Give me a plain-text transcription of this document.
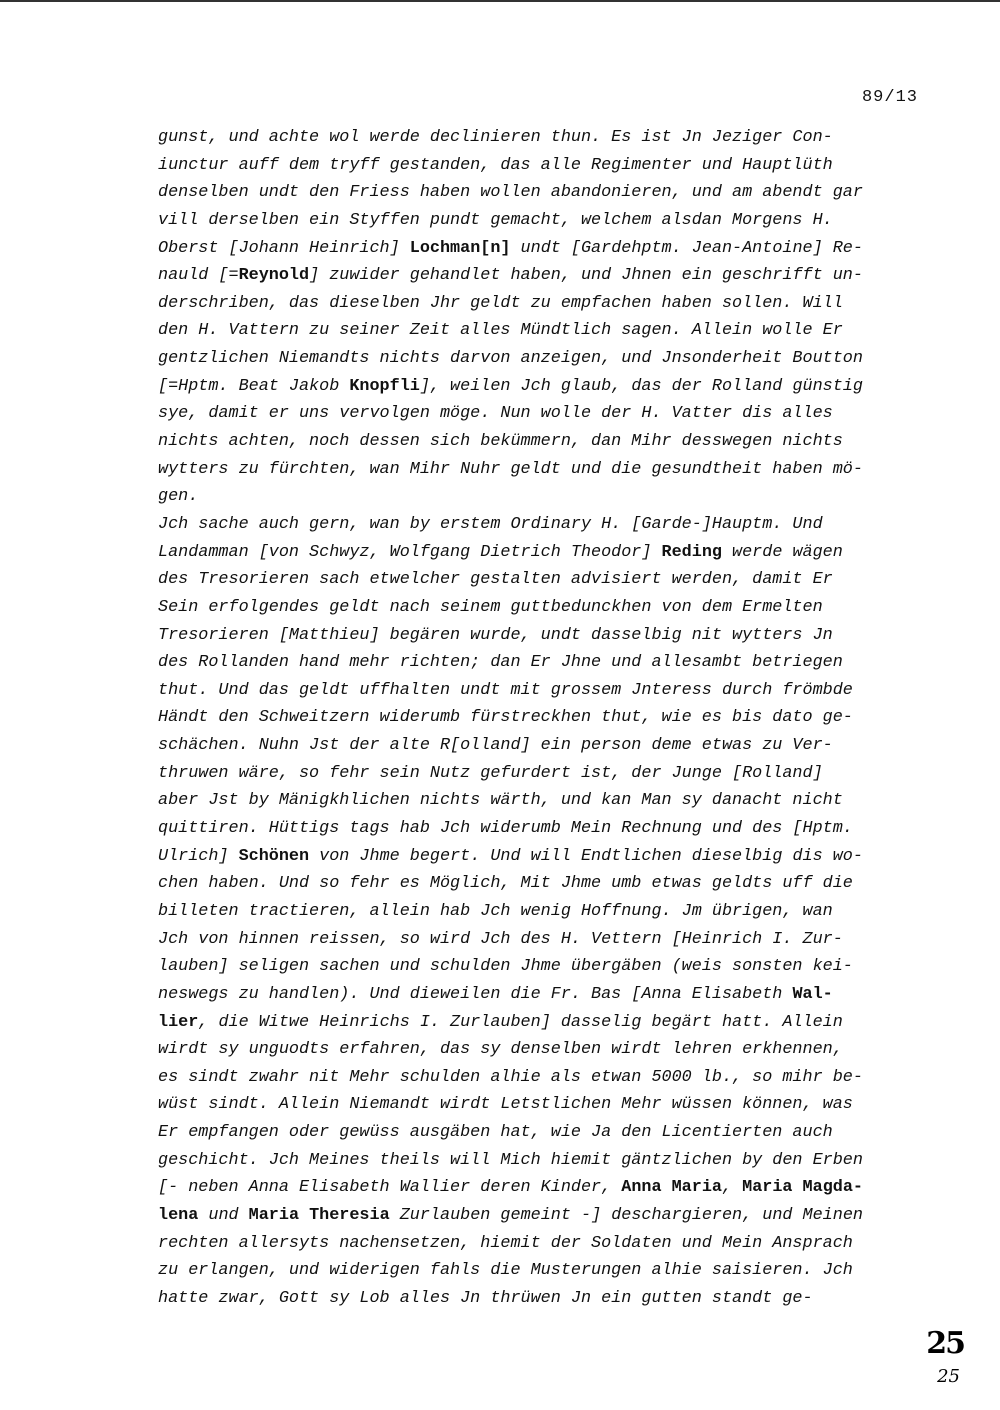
89/13
gunst, und achte wol werde declinieren thun. Es ist Jn Jeziger Con-
iunctur auff dem tryff gestanden, das alle Regimenter und Hauptlüth
denselben undt den Friess haben wollen abandonieren, und am abendt gar
vill derselben ein Styffen pundt gemacht, welchem alsdan Morgens H.
Oberst [Johann Heinrich] Lochman[n] undt [Gardehptm. Jean-Antoine] Re-
nauld [=Reynold] zuwider gehandlet haben, und Jhnen ein geschrifft un-
derschriben, das dieselben Jhr geldt zu empfachen haben sollen. Will
den H. Vattern zu seiner Zeit alles Mündtlich sagen. Allein wolle Er
gentzlichen Niemandts nichts darvon anzeigen, und Jnsonderheit Boutton
[=Hptm. Beat Jakob Knopfli], weilen Jch glaub, das der Rolland günstig
sye, damit er uns vervolgen möge. Nun wolle der H. Vatter dis alles
nichts achten, noch dessen sich bekümmern, dan Mihr desswegen nichts
wytters zu fürchten, wan Mihr Nuhr geldt und die gesundtheit haben mö-
gen.
Jch sache auch gern, wan by erstem Ordinary H. [Garde-]Hauptm. Und
Landamman [von Schwyz, Wolfgang Dietrich Theodor] Reding werde wägen
des Tresorieren sach etwelcher gestalten advisiert werden, damit Er
Sein erfolgendes geldt nach seinem guttbedunckhen von dem Ermelten
Tresorieren [Matthieu] begären wurde, undt dasselbig nit wytters Jn
des Rollanden hand mehr richten; dan Er Jhne und allesambt betriegen
thut. Und das geldt uffhalten undt mit grossem Jnteress durch frömbde
Händt den Schweitzern widerumb fürstreckhen thut, wie es bis dato ge-
schächen. Nuhn Jst der alte R[olland] ein person deme etwas zu Ver-
thruwen wäre, so fehr sein Nutz gefurdert ist, der Junge [Rolland]
aber Jst by Mänigkhlichen nichts wärth, und kan Man sy danacht nicht
quittiren. Hüttigs tags hab Jch widerumb Mein Rechnung und des [Hptm.
Ulrich] Schönen von Jhme begert. Und will Endtlichen dieselbig dis wo-
chen haben. Und so fehr es Möglich, Mit Jhme umb etwas geldts uff die
billeten tractieren, allein hab Jch wenig Hoffnung. Jm übrigen, wan
Jch von hinnen reissen, so wird Jch des H. Vettern [Heinrich I. Zur-
lauben] seligen sachen und schulden Jhme übergäben (weis sonsten kei-
neswegs zu handlen). Und dieweilen die Fr. Bas [Anna Elisabeth Wal-
lier, die Witwe Heinrichs I. Zurlauben] dasselig begärt hatt. Allein
wirdt sy unguodts erfahren, das sy denselben wirdt lehren erkhennen,
es sindt zwahr nit Mehr schulden alhie als etwan 5000 lb., so mihr be-
wüst sindt. Allein Niemandt wirdt Letstlichen Mehr wüssen können, was
Er empfangen oder gewüss ausgäben hat, wie Ja den Licentierten auch
geschicht. Jch Meines theils will Mich hiemit gäntzlichen by den Erben
[- neben Anna Elisabeth Wallier deren Kinder, Anna Maria, Maria Magda-
lena und Maria Theresia Zurlauben gemeint -] deschargieren, und Meinen
rechten allersyts nachensetzen, hiemit der Soldaten und Mein Ansprach
zu erlangen, und widerigen fahls die Musterungen alhie saisieren. Jch
hatte zwar, Gott sy Lob alles Jn thrüwen Jn ein gutten standt ge-
25
25
